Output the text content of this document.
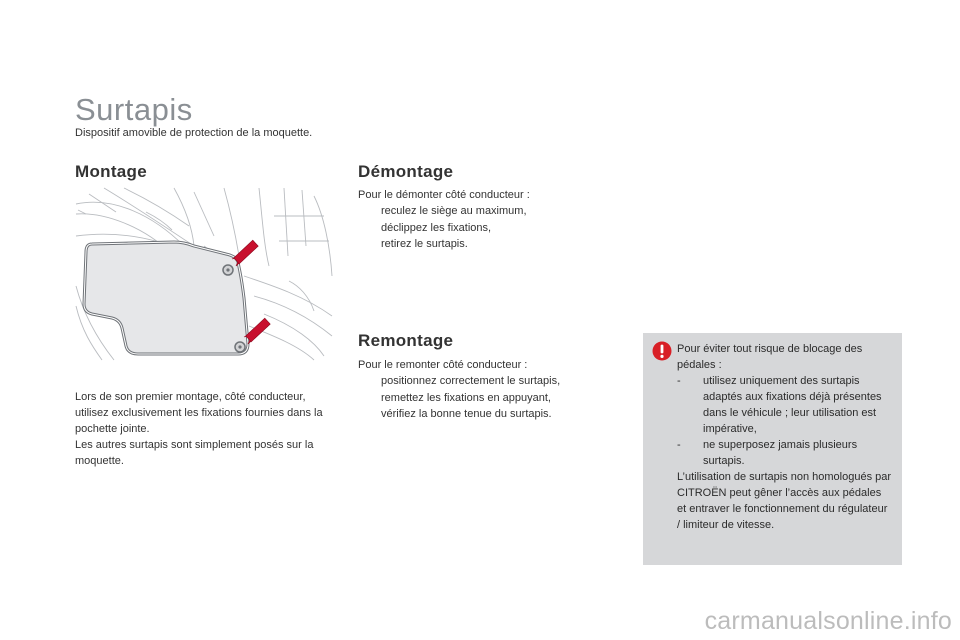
Surtapis
Dispositif amovible de protection de la moquette.
Montage

Lors de son premier montage, côté conducteur, utilisez exclusivement les fixations fournies dans la pochette jointe.

Les autres surtapis sont simplement posés sur la moquette.

Démontage

Pour le démonter côté conducteur :

reculez le siège au maximum,
déclippez les fixations,
retirez le surtapis.
Remontage

Pour le remonter côté conducteur :

positionnez correctement le surtapis,
remettez les fixations en appuyant,
vérifiez la bonne tenue du surtapis.

Pour éviter tout risque de blocage des pédales :

- utilisez uniquement des surtapis adaptés aux fixations déjà présentes dans le véhicule ; leur utilisation est impérative,
- ne superposez jamais plusieurs surtapis.

L’utilisation de surtapis non homologués par CITROËN peut gêner l’accès aux pédales et entraver le fonctionnement du régulateur / limiteur de vitesse.

carmanualsonline.info
